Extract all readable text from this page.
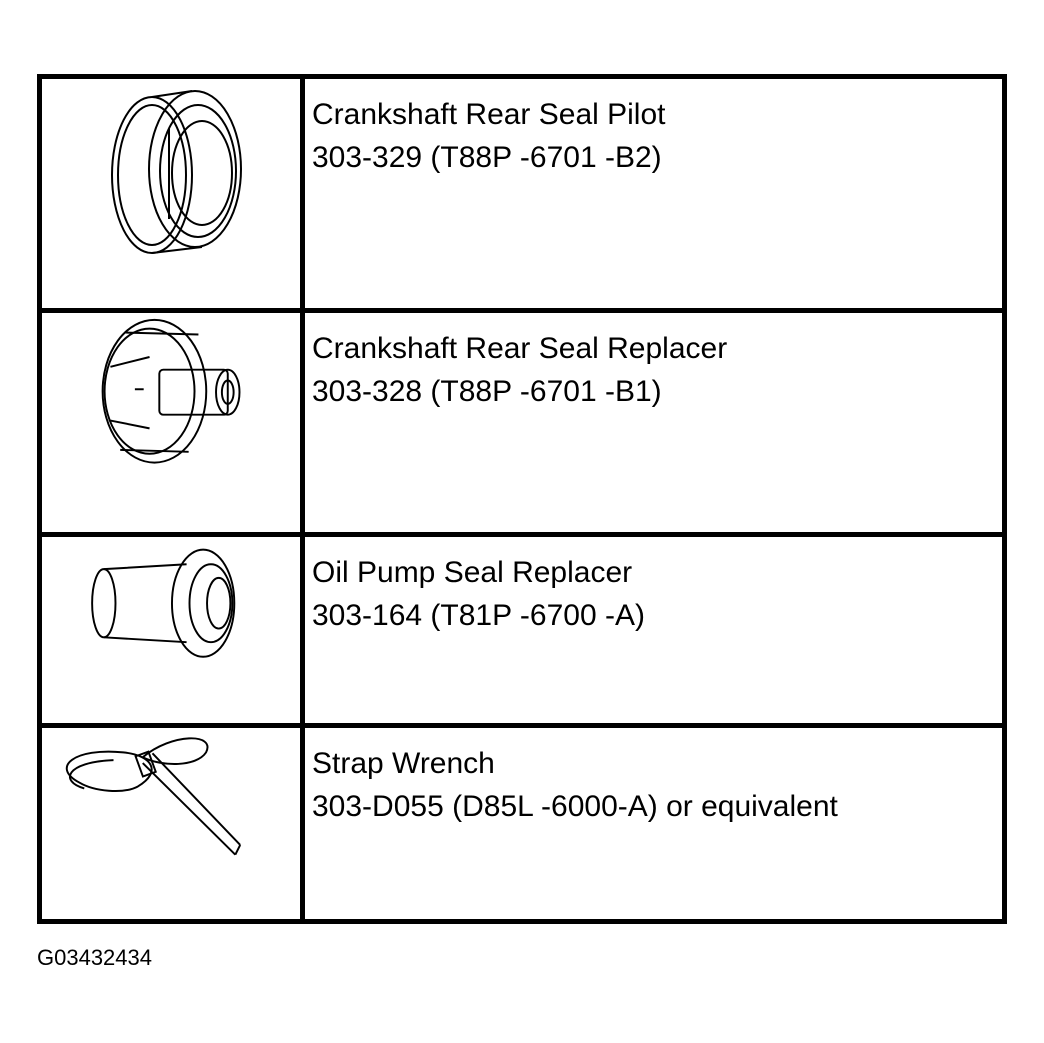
Crankshaft Rear Seal Pilot
303-329 (T88P -6701 -B2)
Crankshaft Rear Seal Replacer
303-328 (T88P -6701 -B1)
Oil Pump Seal Replacer
303-164 (T81P -6700 -A)
Strap Wrench
303-D055 (D85L -6000-A) or equivalent
G03432434
